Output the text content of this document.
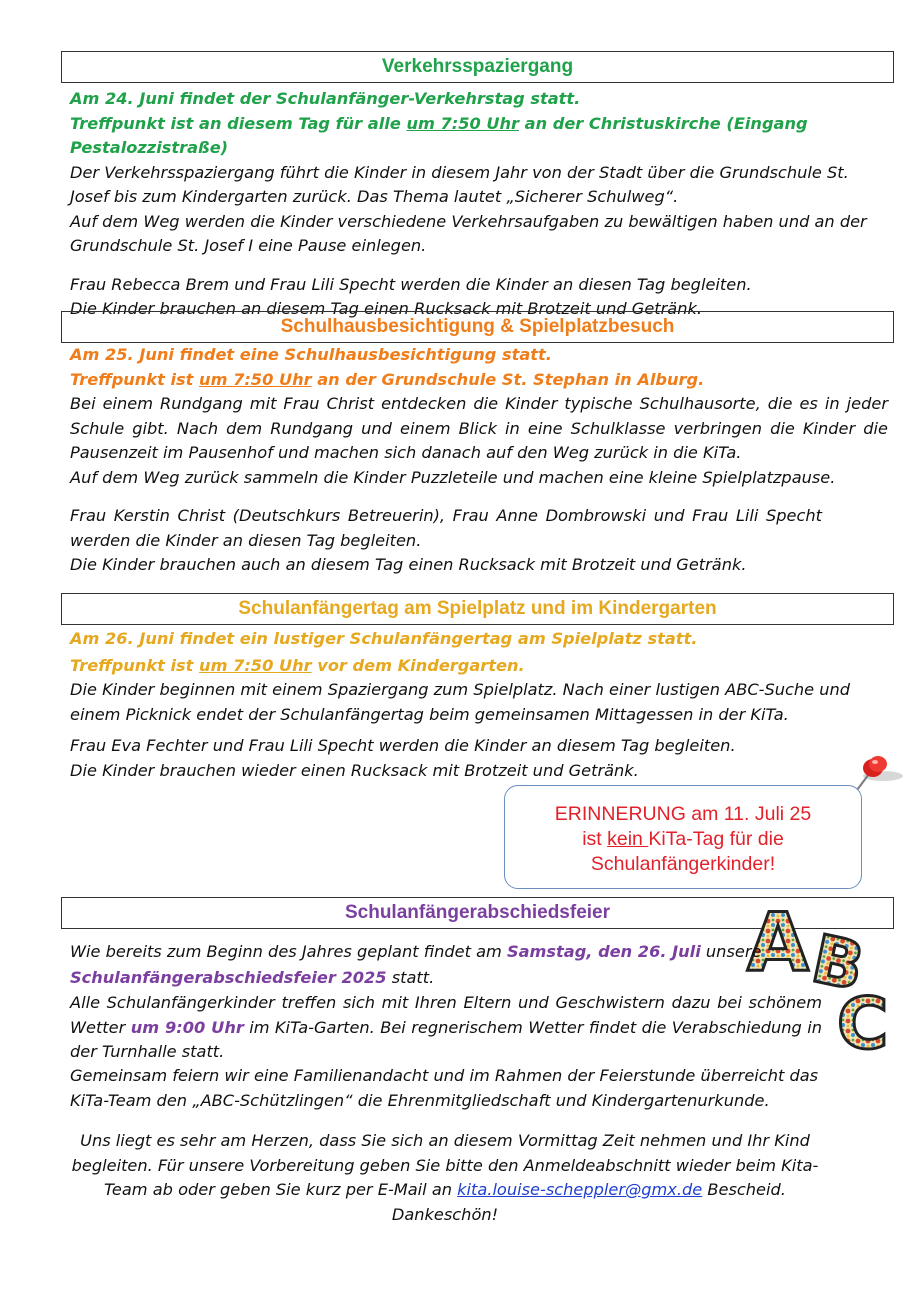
Verkehrsspaziergang

Am 24. Juni findet der Schulanfänger-Verkehrstag statt.

Treffpunkt ist an diesem Tag für alle um 7:50 Uhr an der Christuskirche (Eingang Pestalozzistraße)

Der Verkehrsspaziergang führt die Kinder in diesem Jahr von der Stadt über die Grundschule St. Josef bis zum Kindergarten zurück. Das Thema lautet „Sicherer Schulweg“.

Auf dem Weg werden die Kinder verschiedene Verkehrsaufgaben zu bewältigen haben und an der Grundschule St. Josef I eine Pause einlegen.

Frau Rebecca Brem und Frau Lili Specht werden die Kinder an diesen Tag begleiten.

Die Kinder brauchen an diesem Tag einen Rucksack mit Brotzeit und Getränk.

Schulhausbesichtigung & Spielplatzbesuch

Am 25. Juni findet eine Schulhausbesichtigung statt.

Treffpunkt ist um 7:50 Uhr an der Grundschule St. Stephan in Alburg.

Bei einem Rundgang mit Frau Christ entdecken die Kinder typische Schulhausorte, die es in jeder Schule gibt. Nach dem Rundgang und einem Blick in eine Schulklasse verbringen die Kinder die Pausenzeit im Pausenhof und machen sich danach auf den Weg zurück in die KiTa.

Auf dem Weg zurück sammeln die Kinder Puzzleteile und machen eine kleine Spielplatzpause.

Frau Kerstin Christ (Deutschkurs Betreuerin), Frau Anne Dombrowski und Frau Lili Specht werden die Kinder an diesen Tag begleiten.

Die Kinder brauchen auch an diesem Tag einen Rucksack mit Brotzeit und Getränk.

Schulanfängertag am Spielplatz und im Kindergarten

Am 26. Juni findet ein lustiger Schulanfängertag am Spielplatz statt.

Treffpunkt ist um 7:50 Uhr vor dem Kindergarten.

Die Kinder beginnen mit einem Spaziergang zum Spielplatz. Nach einer lustigen ABC-Suche und einem Picknick endet der Schulanfängertag beim gemeinsamen Mittagessen in der KiTa.

Frau Eva Fechter und Frau Lili Specht werden die Kinder an diesem Tag begleiten.

Die Kinder brauchen wieder einen Rucksack mit Brotzeit und Getränk.

ERINNERUNG am 11. Juli 25
ist kein KiTa-Tag für die
Schulanfängerkinder!
Schulanfängerabschiedsfeier	A
B
C

Wie bereits zum Beginn des Jahres geplant findet am Samstag, den 26. Juli unsere Schulanfängerabschiedsfeier 2025 statt.

Alle Schulanfängerkinder treffen sich mit Ihren Eltern und Geschwistern dazu bei schönem Wetter um 9:00 Uhr im KiTa-Garten. Bei regnerischem Wetter findet die Verabschiedung in der Turnhalle statt.

Gemeinsam feiern wir eine Familienandacht und im Rahmen der Feierstunde überreicht das KiTa-Team den „ABC-Schützlingen“ die Ehrenmitgliedschaft und Kindergartenurkunde.

Uns liegt es sehr am Herzen, dass Sie sich an diesem Vormittag Zeit nehmen und Ihr Kind begleiten. Für unsere Vorbereitung geben Sie bitte den Anmeldeabschnitt wieder beim Kita-Team ab oder geben Sie kurz per E-Mail an kita.louise-scheppler@gmx.de Bescheid.

Dankeschön!
